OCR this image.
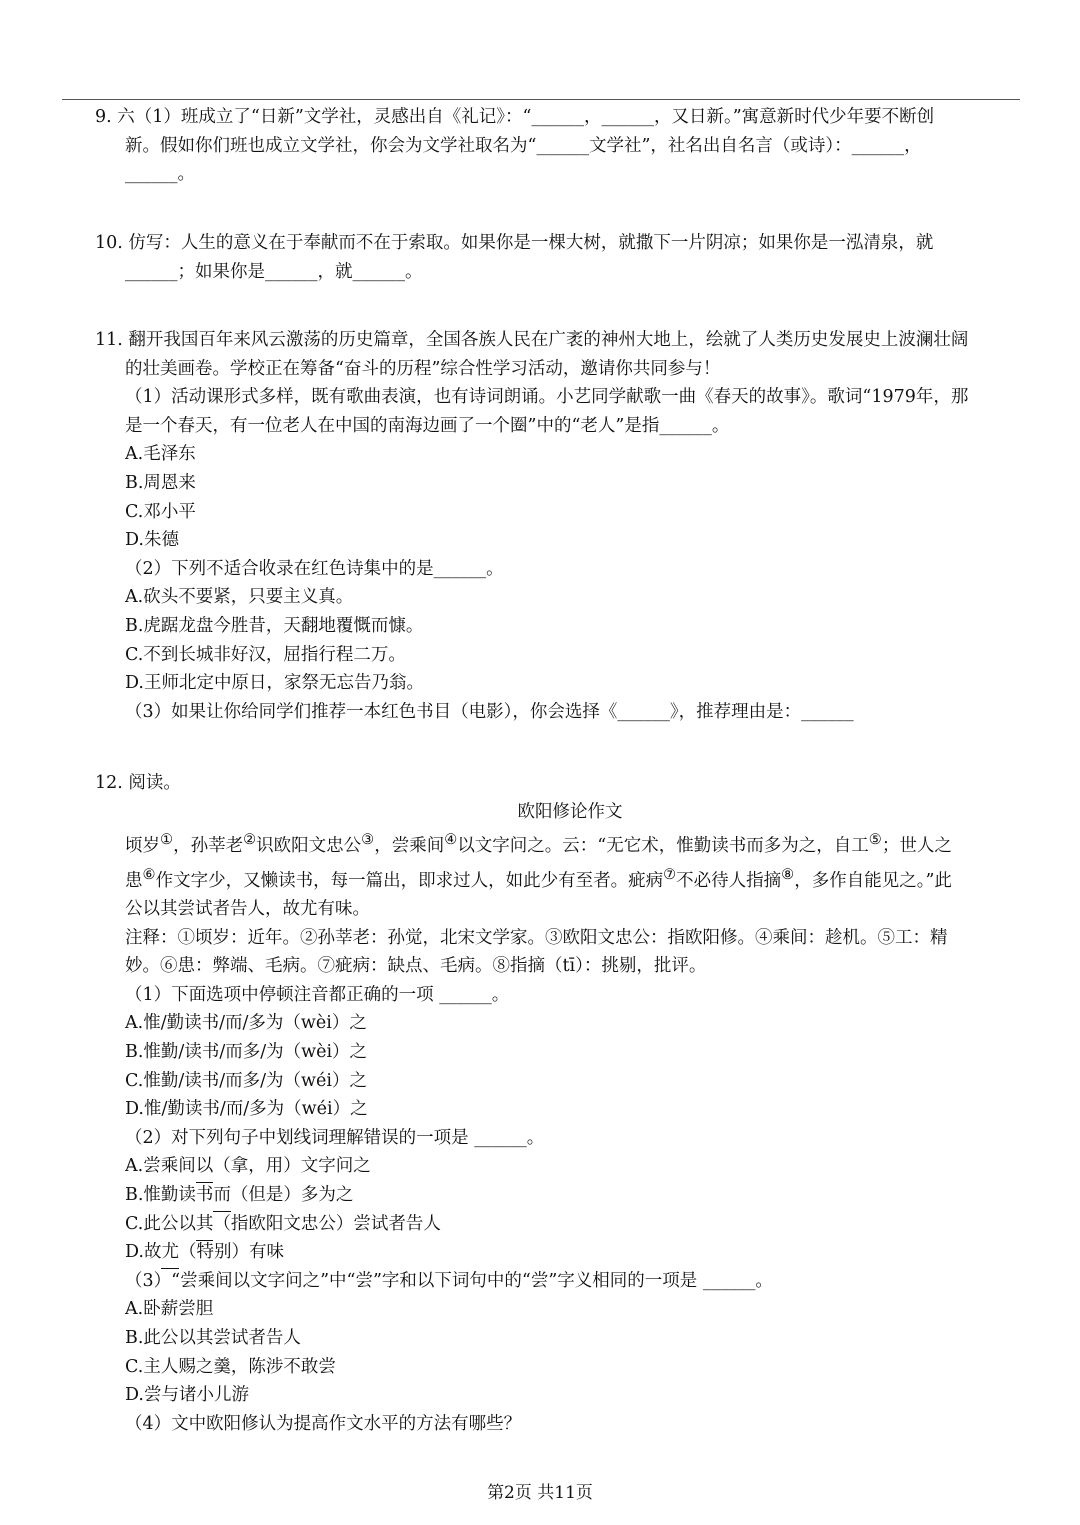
9. 六（1）班成立了“日新”文学社，灵感出自《礼记》：“______，______，又日新。”寓意新时代少年要不断创

新。假如你们班也成立文学社，你会为文学社取名为“______文学社”，社名出自名言（或诗）：______，

______。

10. 仿写：人生的意义在于奉献而不在于索取。如果你是一棵大树，就撒下一片阴凉；如果你是一泓清泉，就

______；如果你是______，就______。

11. 翻开我国百年来风云激荡的历史篇章，全国各族人民在广袤的神州大地上，绘就了人类历史发展史上波澜壮阔

的壮美画卷。学校正在筹备“奋斗的历程”综合性学习活动，邀请你共同参与！

（1）活动课形式多样，既有歌曲表演，也有诗词朗诵。小艺同学献歌一曲《春天的故事》。歌词“1979年，那

是一个春天，有一位老人在中国的南海边画了一个圈”中的“老人”是指______。

A.毛泽东

B.周恩来

C.邓小平

D.朱德

（2）下列不适合收录在红色诗集中的是______。

A.砍头不要紧，只要主义真。

B.虎踞龙盘今胜昔，天翻地覆慨而慷。

C.不到长城非好汉，屈指行程二万。

D.王师北定中原日，家祭无忘告乃翁。

（3）如果让你给同学们推荐一本红色书目（电影），你会选择《______》，推荐理由是：______

12. 阅读。

欧阳修论作文

顷岁①，孙莘老②识欧阳文忠公③，尝乘间④以文字问之。云：“无它术，惟勤读书而多为之，自工⑤；世人之

患⑥作文字少，又懒读书，每一篇出，即求过人，如此少有至者。疵病⑦不必待人指摘⑧，多作自能见之。”此

公以其尝试者告人，故尤有味。

注释：①顷岁：近年。②孙莘老：孙觉，北宋文学家。③欧阳文忠公：指欧阳修。④乘间：趁机。⑤工：精

妙。⑥患：弊端、毛病。⑦疵病：缺点、毛病。⑧指摘（tī）：挑剔，批评。

（1）下面选项中停顿注音都正确的一项 ______。

A.惟/勤读书/而/多为（wèi）之

B.惟勤/读书/而多/为（wèi）之

C.惟勤/读书/而多/为（wéi）之

D.惟/勤读书/而/多为（wéi）之

（2）对下列句子中划线词理解错误的一项是 ______。

A.尝乘间以（拿，用）文字问之

B.惟勤读书而（但是）多为之

C.此公以其（指欧阳文忠公）尝试者告人

D.故尤（特别）有味

（3）“尝乘间以文字问之”中“尝”字和以下词句中的“尝”字义相同的一项是 ______。

A.卧薪尝胆

B.此公以其尝试者告人

C.主人赐之羹，陈涉不敢尝

D.尝与诸小儿游

（4）文中欧阳修认为提高作文水平的方法有哪些？

第2页 共11页
